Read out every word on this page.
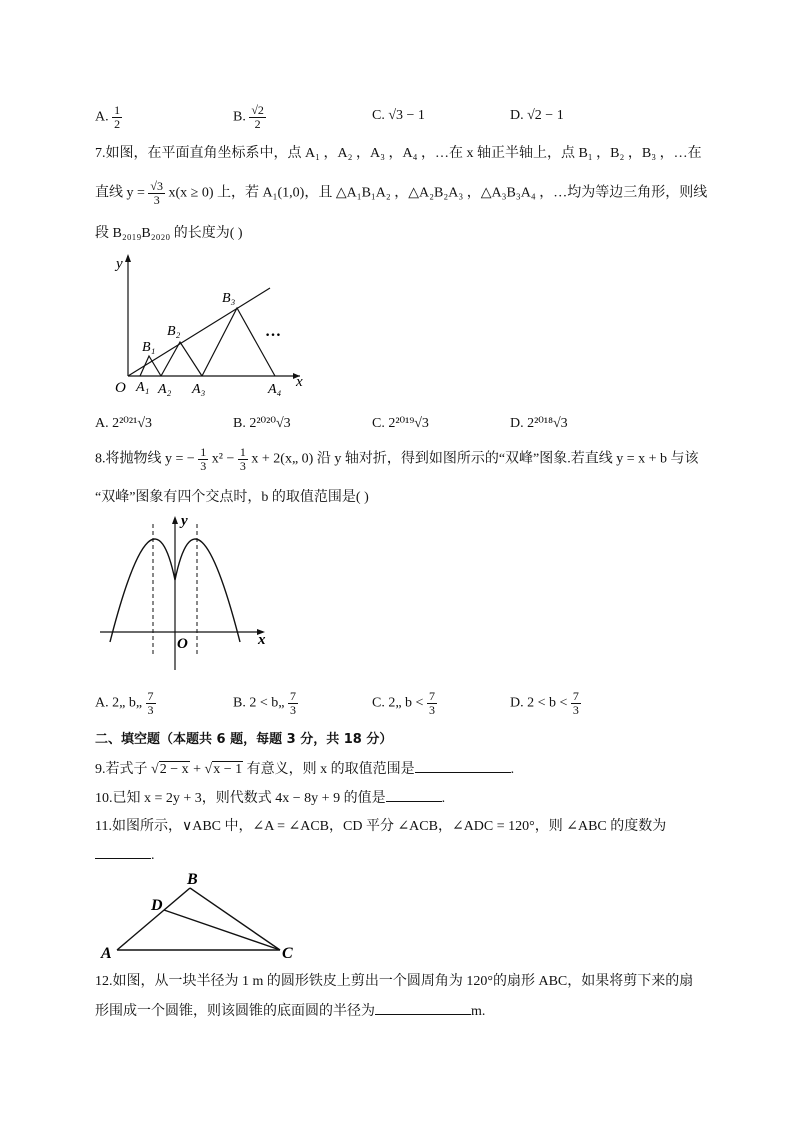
A. $\frac{1}{2}$	B. $\frac{√2}{2}$	C. √3 − 1	D. √2 − 1
7.如图，在平面直角坐标系中，点 A₁ ，A₂ ，A₃ ，A₄ ，…在 x 轴正半轴上，点 B₁ ，B₂ ，B₃ ，…在
直线 $y = \frac{√3}{3} x(x \ge 0)$ 上，若 A₁(1,0)，且 △A₁B₁A₂ ，△A₂B₂A₃ ，△A₃B₃A₄ ，…均为等边三角形，则线
段 B₂₀₁₉B₂₀₂₀ 的长度为( )
y
x
O A₁ A₂ A₃	A₄
B₁
B₂
B₃
…
A. 2²⁰²¹√3	B. 2²⁰²⁰√3	C. 2²⁰¹⁹√3	D. 2²⁰¹⁸√3
8.将抛物线 y = − $\frac{1}{3} x^2 - \frac{1}{3}$ x + 2(x„ 0) 沿 y 轴对折，得到如图所示的“双峰”图象.若直线 y = x + b 与该
“双峰”图象有四个交点时，b 的取值范围是( )
y
x
O
A. 2„ b„ $\frac{7}{3}$	B. 2 < b„ $\frac{7}{3}$	C. 2„ $b < \frac{7}{3}$	D. $2 < b < \frac{7}{3}$
二、填空题（本题共 6 题，每题 3 分，共 18 分）
9.若式子 √2 − x + √x − 1 有意义，则 x 的取值范围是	.
10.已知 x = 2y + 3，则代数式 4x − 8y + 9 的值是	.
11.如图所示，∨ABC 中，∠A = ∠ACB，CD 平分 ∠ACB，∠ADC = 120°，则 ∠ABC 的度数为
.
A
B
C
D
12.如图，从一块半径为 1 m 的圆形铁皮上剪出一个圆周角为 120°的扇形 ABC，如果将剪下来的扇
形围成一个圆锥，则该圆锥的底面圆的半径为	m.
